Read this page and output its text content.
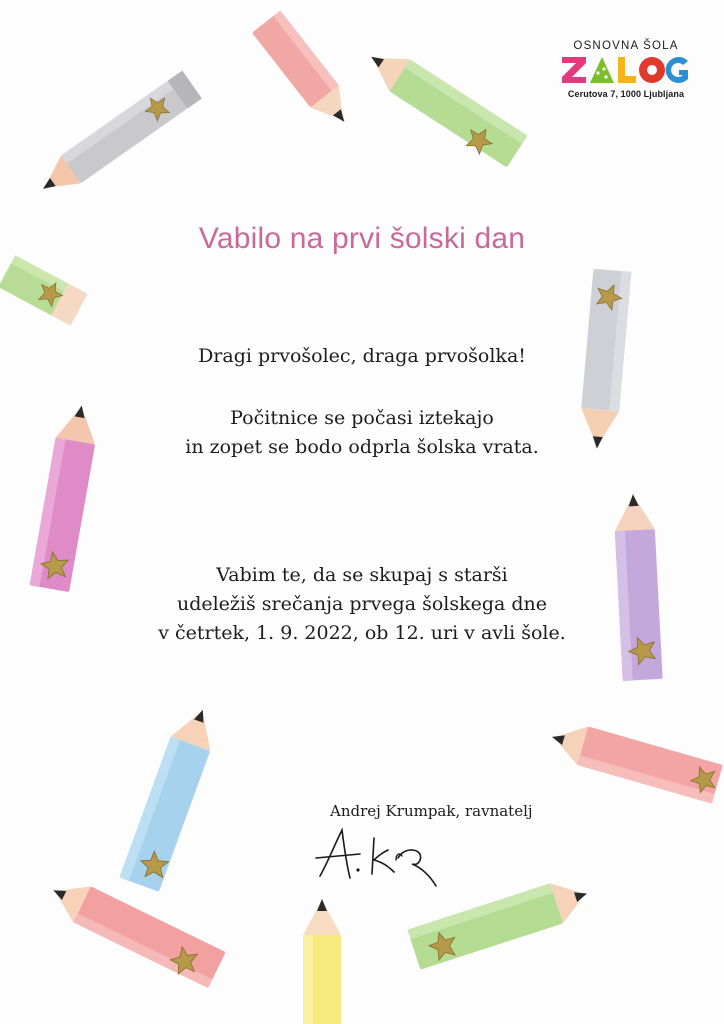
OSNOVNA ŠOLA
Cerutova 7, 1000 Ljubljana
Vabilo na prvi šolski dan

Dragi prvošolec, draga prvošolka!

Počitnice se počasi iztekajo
in zopet se bodo odprla šolska vrata.

Vabim te, da se skupaj s starši
udeležiš srečanja prvega šolskega dne
v četrtek, 1. 9. 2022, ob 12. uri v avli šole.

Andrej Krumpak, ravnatelj
